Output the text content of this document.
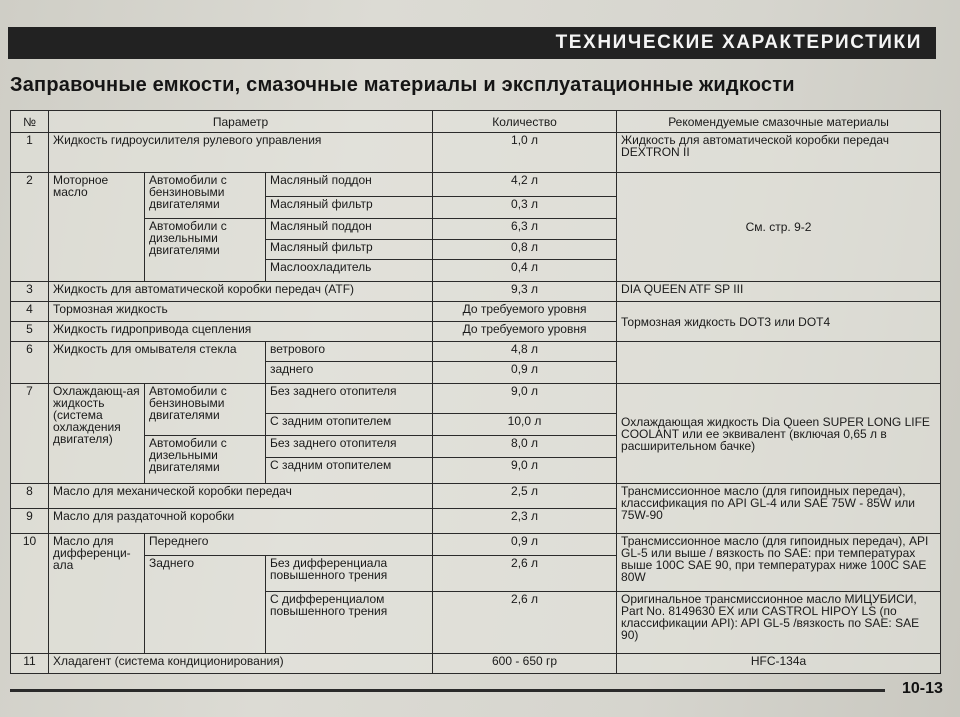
ТЕХНИЧЕСКИЕ ХАРАКТЕРИСТИКИ
Заправочные емкости, смазочные материалы и эксплуатационные жидкости
№	Параметр			Количество	Рекомендуемые смазочные материалы
1	Жидкость гидроусилителя рулевого управления			1,0 л	Жидкость для автоматической коробки передач DEXTRON II
2	Моторное масло	Автомобили с бензиновыми двигателями	Масляный поддон	4,2 л	См. стр. 9-2
			Масляный фильтр	0,3 л	
		Автомобили с дизельными двигателями	Масляный поддон	6,3 л	
			Масляный фильтр	0,8 л	
			Маслоохладитель	0,4 л	
3	Жидкость для автоматической коробки передач (ATF)			9,3 л	DIA QUEEN ATF SP III
4	Тормозная жидкость			До требуемого уровня	Тормозная жидкость DOT3 или DOT4
5	Жидкость гидропривода сцепления			До требуемого уровня	
6	Жидкость для омывателя стекла		ветрового	4,8 л	
			заднего	0,9 л	
7	Охлаждающ-ая жидкость (система охлаждения двигателя)	Автомобили с бензиновыми двигателями	Без заднего отопителя	9,0 л	Охлаждающая жидкость Dia Queen SUPER LONG LIFE COOLANT или ее эквивалент (включая 0,65 л в расширительном бачке)
			С задним отопителем	10,0 л	
		Автомобили с дизельными двигателями	Без заднего отопителя	8,0 л	
			С задним отопителем	9,0 л	
8	Масло для механической коробки передач			2,5 л	Трансмиссионное масло (для гипоидных передач), классификация по API GL-4 или SAE 75W - 85W или 75W-90
9	Масло для раздаточной коробки			2,3 л	
10	Масло для дифференци-ала	Переднего		0,9 л	Трансмиссионное масло (для гипоидных передач), API GL-5 или выше / вязкость по SAE: при температурах выше 100С SAE 90, при температурах ниже 100С SAE 80W
		Заднего	Без дифференциала повышенного трения	2,6 л	
			С дифференциалом повышенного трения	2,6 л	Оригинальное трансмиссионное масло МИЦУБИСИ, Part No. 8149630 EX или CASTROL HIPOY LS (по классификации API): API GL-5 /вязкость по SAE: SAE 90)
11	Хладагент (система кондиционирования)			600 - 650 гр	HFC-134a
10-13
